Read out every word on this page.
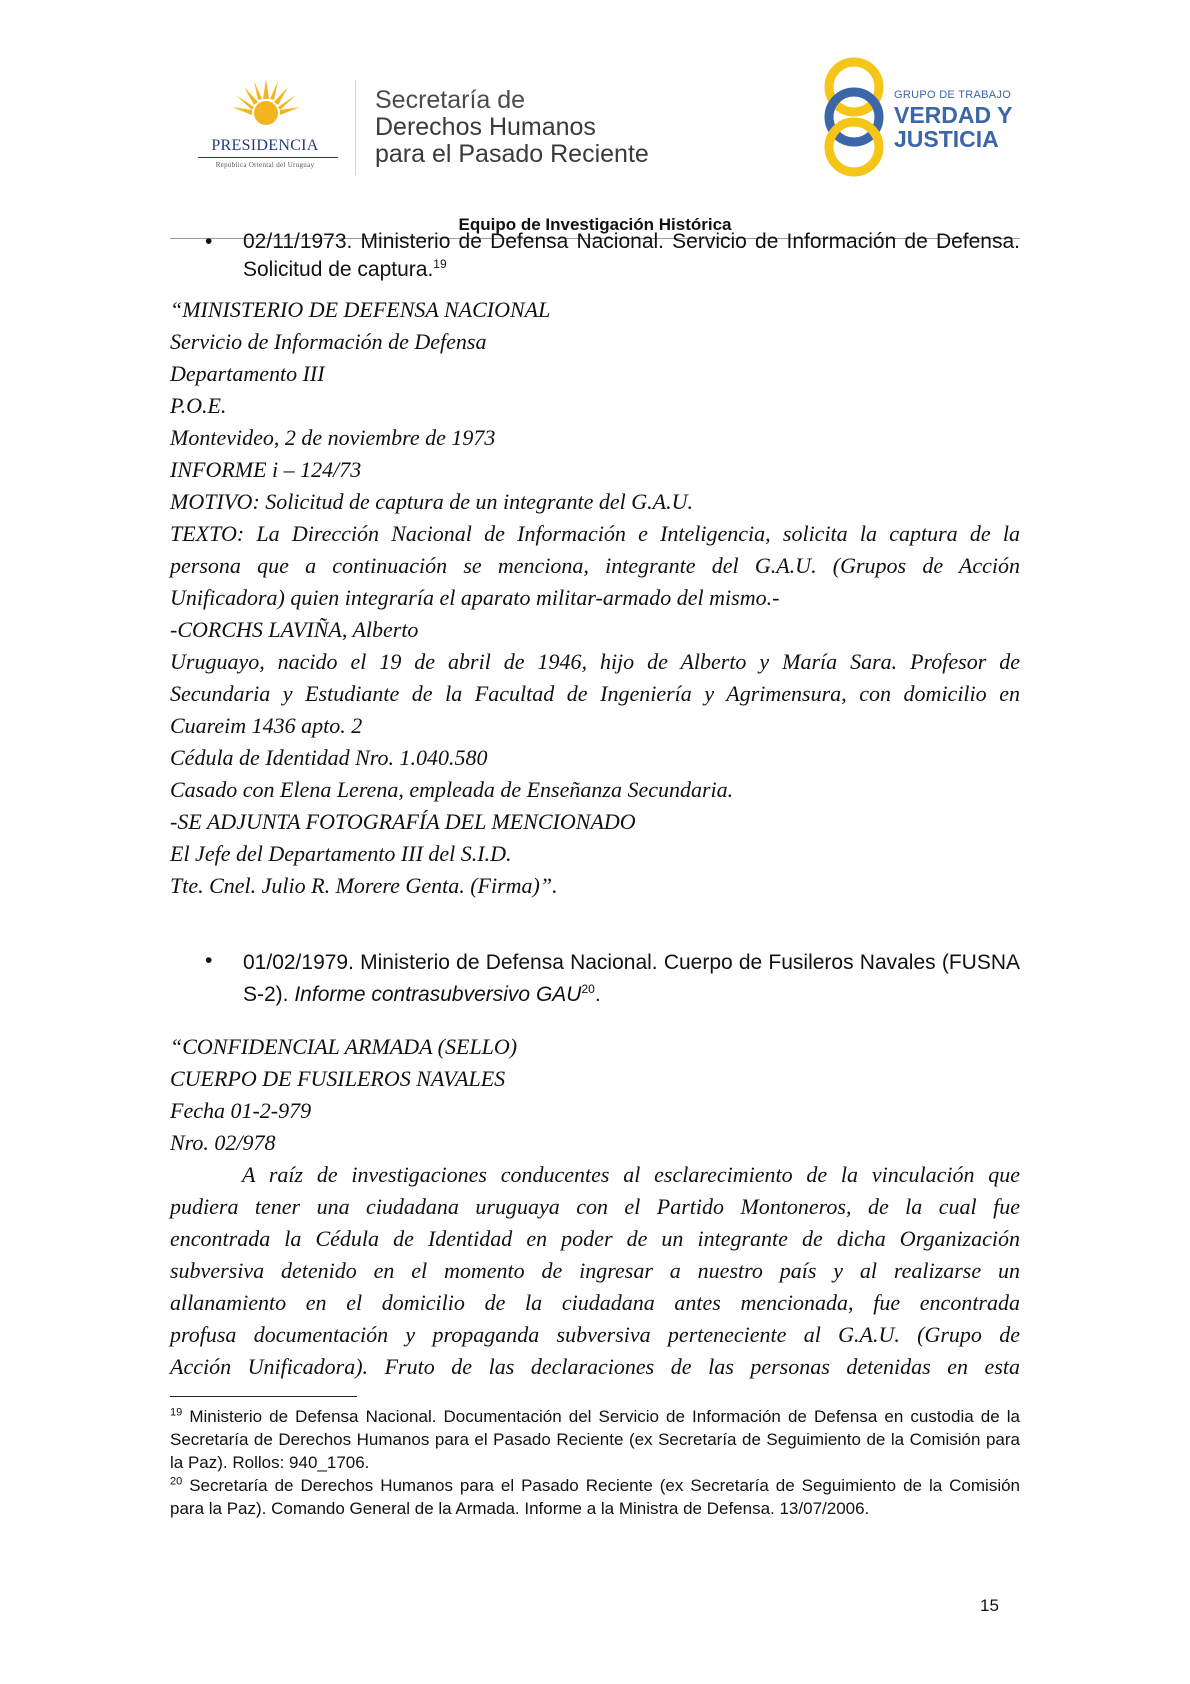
PRESIDENCIA
República Oriental del Uruguay
Secretaría de
Derechos Humanos
para el Pasado Reciente
GRUPO DE TRABAJO
VERDAD Y
JUSTICIA
Equipo de Investigación Histórica
• 02/11/1973. Ministerio de Defensa Nacional. Servicio de Información de Defensa. Solicitud de captura.$^{19}$
“MINISTERIO DE DEFENSA NACIONAL
Servicio de Información de Defensa
Departamento III
P.O.E.
Montevideo, 2 de noviembre de 1973
INFORME i – 124/73
MOTIVO: Solicitud de captura de un integrante del G.A.U.
TEXTO: La Dirección Nacional de Información e Inteligencia, solicita la captura de la
persona que a continuación se menciona, integrante del G.A.U. (Grupos de Acción
Unificadora) quien integraría el aparato militar-armado del mismo.-
-CORCHS LAVIÑA, Alberto
Uruguayo, nacido el 19 de abril de 1946, hijo de Alberto y María Sara. Profesor de
Secundaria y Estudiante de la Facultad de Ingeniería y Agrimensura, con domicilio en
Cuareim 1436 apto. 2
Cédula de Identidad Nro. 1.040.580
Casado con Elena Lerena, empleada de Enseñanza Secundaria.
-SE ADJUNTA FOTOGRAFÍA DEL MENCIONADO
El Jefe del Departamento III del S.I.D.
Tte. Cnel. Julio R. Morere Genta. (Firma)”.
• 01/02/1979. Ministerio de Defensa Nacional. Cuerpo de Fusileros Navales (FUSNA S-2). Informe contrasubversivo GAU$^{20}$.
“CONFIDENCIAL ARMADA (SELLO)
CUERPO DE FUSILEROS NAVALES
Fecha 01-2-979
Nro. 02/978
A raíz de investigaciones conducentes al esclarecimiento de la vinculación que
pudiera tener una ciudadana uruguaya con el Partido Montoneros, de la cual fue
encontrada la Cédula de Identidad en poder de un integrante de dicha Organización
subversiva detenido en el momento de ingresar a nuestro país y al realizarse un
allanamiento en el domicilio de la ciudadana antes mencionada, fue encontrada
profusa documentación y propaganda subversiva perteneciente al G.A.U. (Grupo de
Acción Unificadora). Fruto de las declaraciones de las personas detenidas en esta

$^{19}$ Ministerio de Defensa Nacional. Documentación del Servicio de Información de Defensa en custodia de la Secretaría de Derechos Humanos para el Pasado Reciente (ex Secretaría de Seguimiento de la Comisión para la Paz). Rollos: 940_1706.

$^{20}$ Secretaría de Derechos Humanos para el Pasado Reciente (ex Secretaría de Seguimiento de la Comisión para la Paz). Comando General de la Armada. Informe a la Ministra de Defensa. 13/07/2006.

15
